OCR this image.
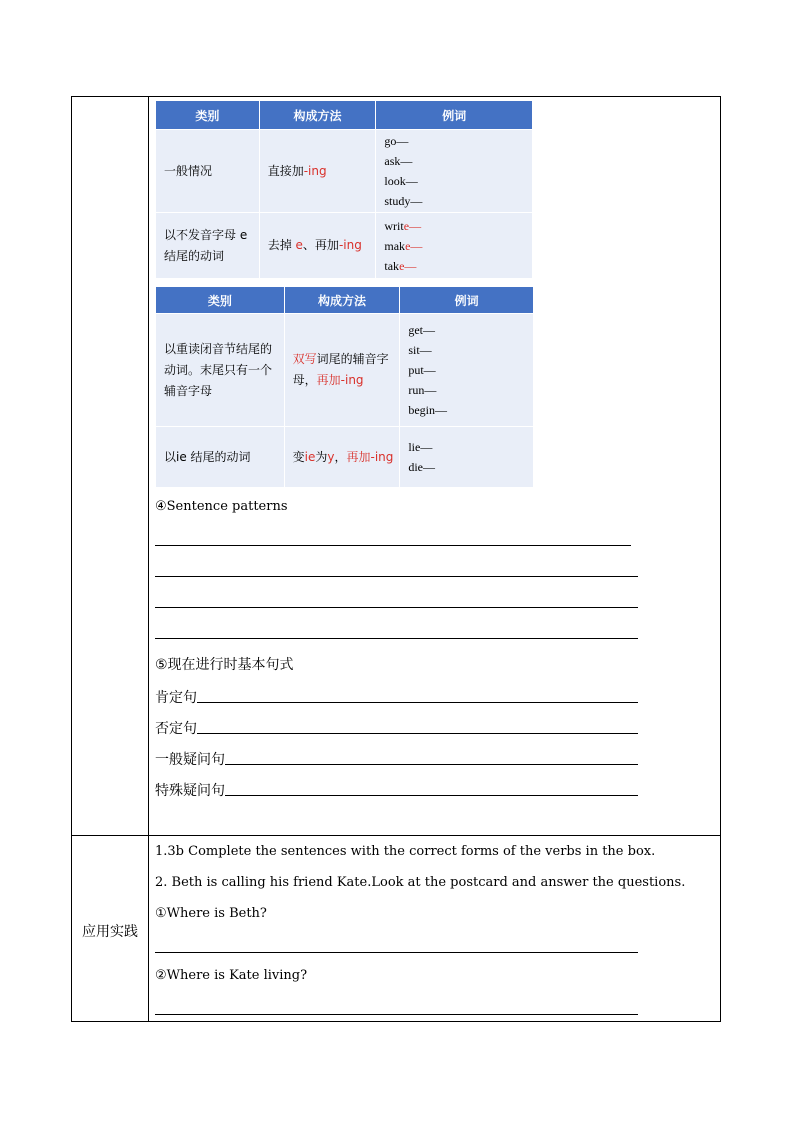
应用实践
类别	构成方法	例词
一般情况	直接加-ing	go—
ask—
look—
study—

以不发音字母 e 结尾的动词	去掉 e、再加-ing	write—
make—
take—
类别	构成方法	例词
以重读闭音节结尾的动词。末尾只有一个辅音字母	双写词尾的辅音字母，再加-ing	get—
sit—
put—
run—
begin—

以ie 结尾的动词	变ie为y，再加-ing	lie—
die—
④Sentence patterns
⑤现在进行时基本句式
肯定句
否定句
一般疑问句
特殊疑问句
1.3b Complete the sentences with the correct forms of the verbs in the box.
2. Beth is calling his friend Kate.Look at the postcard and answer the questions.
①Where is Beth?
②Where is Kate living?
